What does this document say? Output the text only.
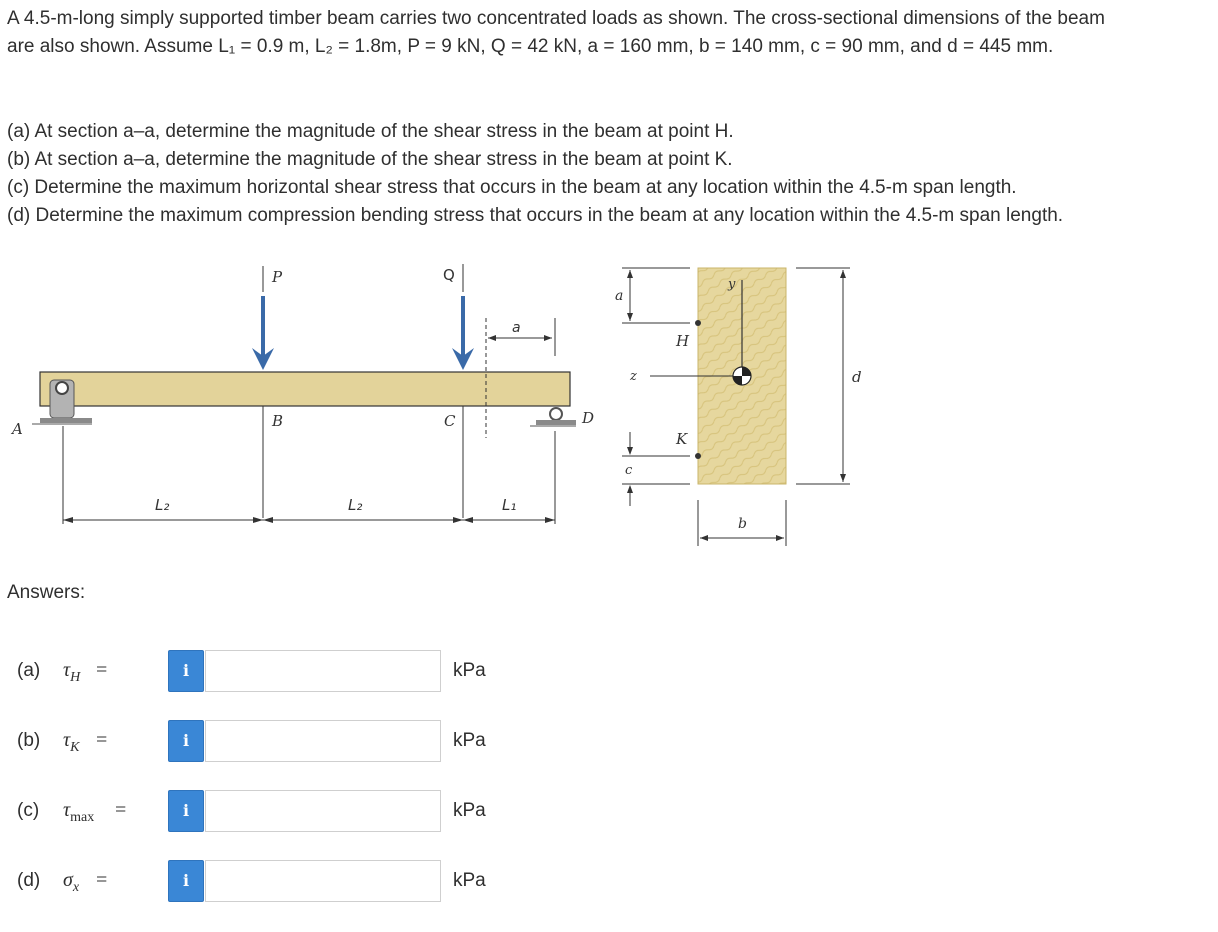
A 4.5-m-long simply supported timber beam carries two concentrated loads as shown. The cross-sectional dimensions of the beam
are also shown. Assume L₁ = 0.9 m, L₂ = 1.8m, P = 9 kN, Q = 42 kN, a = 160 mm, b = 140 mm, c = 90 mm, and d = 445 mm.
(a) At section a–a, determine the magnitude of the shear stress in the beam at point H.
(b) At section a–a, determine the magnitude of the shear stress in the beam at point K.
(c) Determine the maximum horizontal shear stress that occurs in the beam at any location within the 4.5-m span length.
(d) Determine the maximum compression bending stress that occurs in the beam at any location within the 4.5-m span length.
A
D
P	Q
a
B	C
L₂	L₂	L₁
a
H
y
z
K
c
d
b
Answers:
(a) $\tau_H$ =	i	kPa
(b) $\tau_K$ =	i	kPa
(c) $\tau_{max}$ =	i	kPa
(d) $\sigma_x$ =	i	kPa
